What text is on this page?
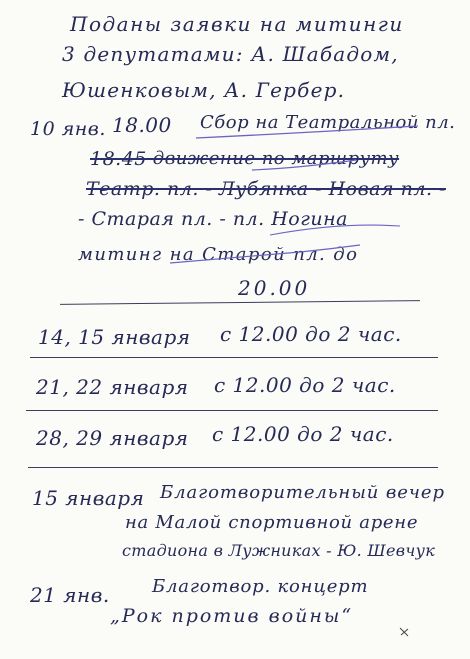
Поданы заявки на митинги
3 депутатами: А. Шабадом,
Юшенковым, А. Гербер.
10 янв. 18.00 Сбор на Театральной пл.
18.45
- движение по маршруту
Театр. пл. - Лубянка - Новая пл. -
- Старая пл. - пл. Ногина
митинг на Старой пл. до
20.00
14, 15 января с 12.00 до 2 час.
21, 22 января с 12.00 до 2 час.
28, 29 января с 12.00 до 2 час.
15 января Благотворительный вечер
на Малой спортивной арене
стадиона в Лужниках - Ю. Шевчук
21 янв. Благотвор. концерт
„Рок против войны“
